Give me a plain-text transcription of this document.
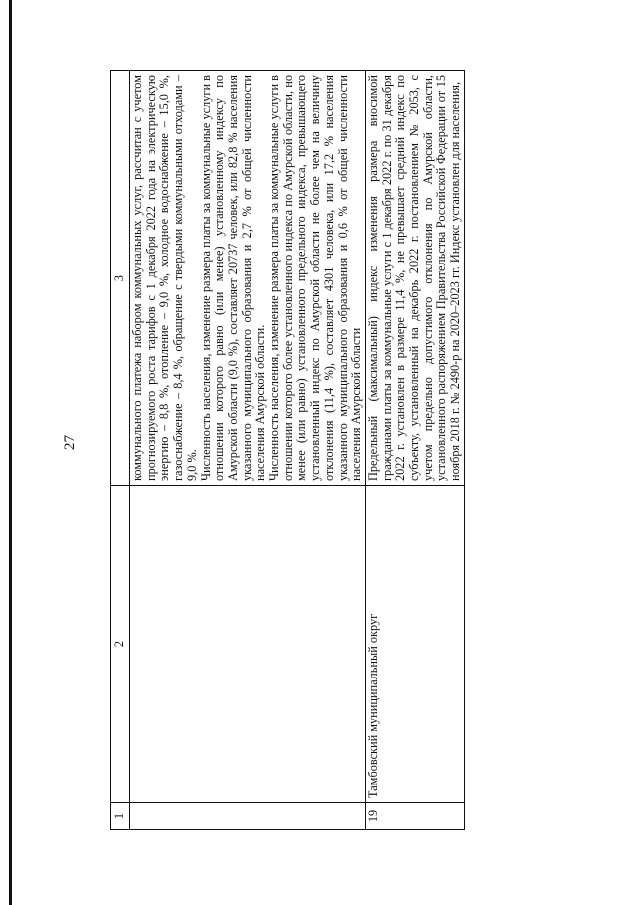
27
1	2	3

		коммунального платежа набором коммунальных услуг, рассчитан с учетом прогнозируемого роста тарифов с 1 декабря 2022 года на электрическую энергию – 8,8 %, отопление – 9,0 %, холодное водоснабжение – 15,0 %, газоснабжение – 8,4 %, обращение с твердыми коммунальными отходами – 9,0 %. Численность населения, изменение размера платы за коммунальные услуги в отношении которого равно (или менее) установленному индексу по Амурской области (9,0 %), составляет 20737 человек, или 82,8 % населения указанного муниципального образования и 2,7 % от общей численности населения Амурской области. Численность населения, изменение размера платы за коммунальные услуги в отношении которого более установленного индекса по Амурской области, но менее (или равно) установленного предельного индекса, превышающего установленный индекс по Амурской области не более чем на величину отклонения (11,4 %), составляет 4301 человека, или 17,2 % населения указанного муниципального образования и 0,6 % от общей численности населения Амурской области

19	Тамбовский муниципальный округ	Предельный (максимальный) индекс изменения размера вносимой гражданами платы за коммунальные услуги с 1 декабря 2022 г. по 31 декабря 2022 г. установлен в размере 11,4 %, не превышает средний индекс по субъекту, установленный на декабрь 2022 г. постановлением № 2053, с учетом предельно допустимого отклонения по Амурской области, установленного распоряжением Правительства Российской Федерации от 15 ноября 2018 г. № 2490-р на 2020–2023 гг. Индекс установлен для населения,
